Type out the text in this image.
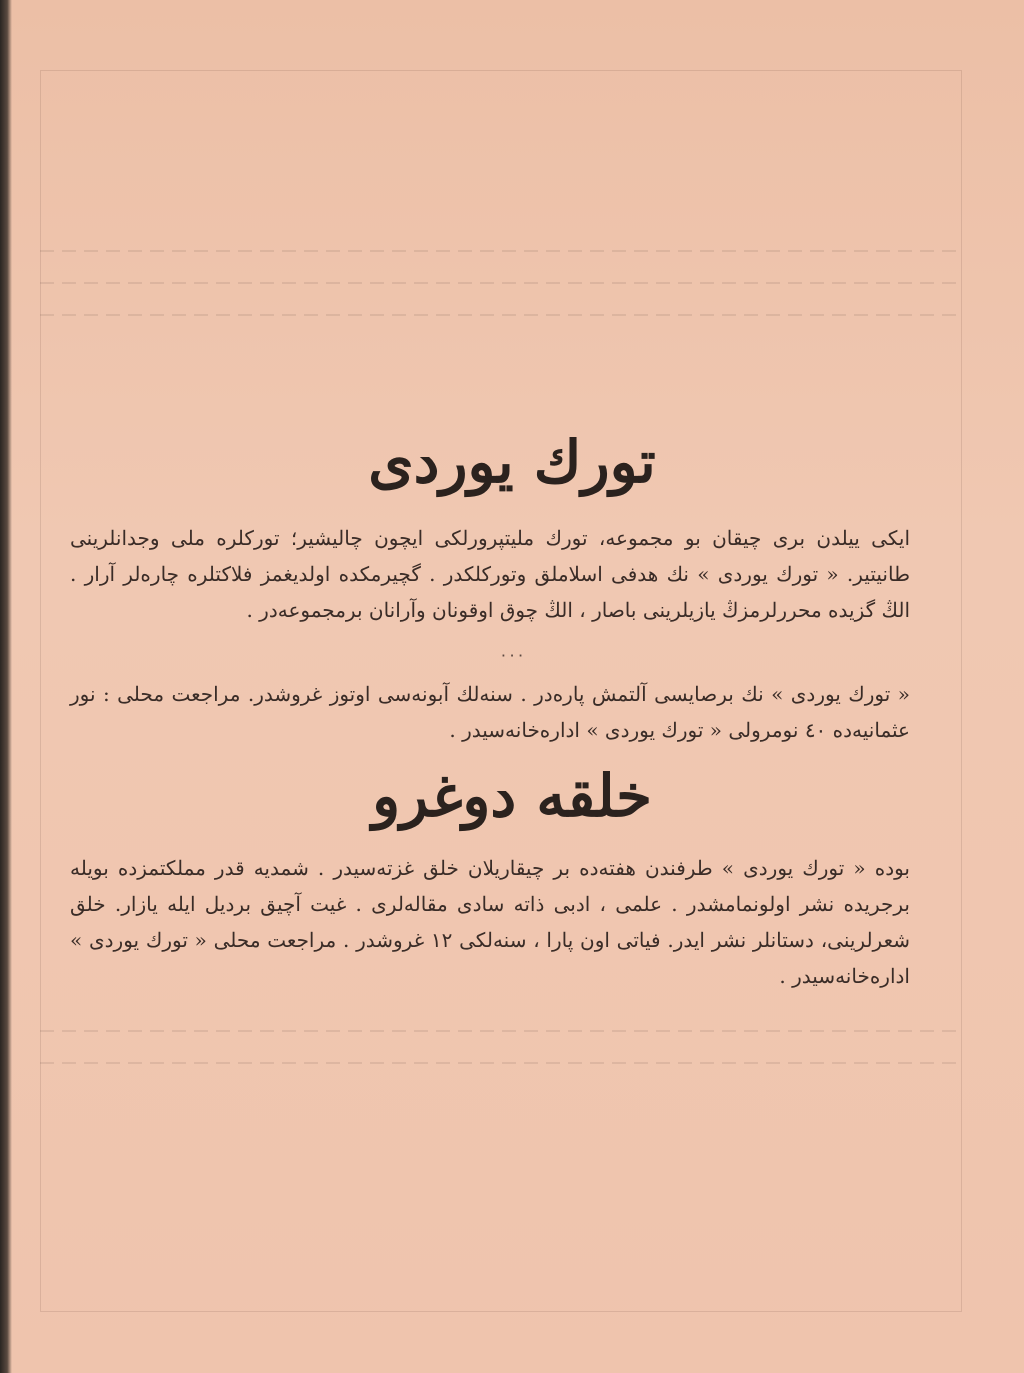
تورك يوردى
ايكى ييلدن برى چيقان بو مجموعه، تورك مليتپرورلكى ايچون چاليشير؛ توركلره ملى وجدانلرينى طانيتير. « تورك يوردى » نك هدفى اسلاملق وتوركلكدر . گچيرمكده اولديغمز فلاكتلره چاره‌لر آرار . الڭ گزيده محررلرمزڭ يازيلرينى باصار ، الڭ چوق اوقونان وآرانان برمجموعه‌در .
٠٠٠
« تورك يوردى » نك برصايسى آلتمش پاره‌در . سنه‌لك آبونه‌سى اوتوز غروشدر. مراجعت محلى : نور عثمانيه‌ده ٤٠ نومرولى « تورك يوردى » اداره‌خانه‌سيدر .
خلقه دوغرو
بوده « تورك يوردى » طرفندن هفته‌ده بر چيقاريلان خلق غزته‌سيدر . شمديه قدر مملكتمزده بويله برجريده نشر اولونمامشدر . علمى ، ادبى ذاته سادى مقاله‌لرى . غيت آچيق برديل ايله يازار. خلق شعرلرينى، دستانلر نشر ايدر. فياتى اون پارا ، سنه‌لكى ١٢ غروشدر . مراجعت محلى « تورك يوردى » اداره‌خانه‌سيدر .
